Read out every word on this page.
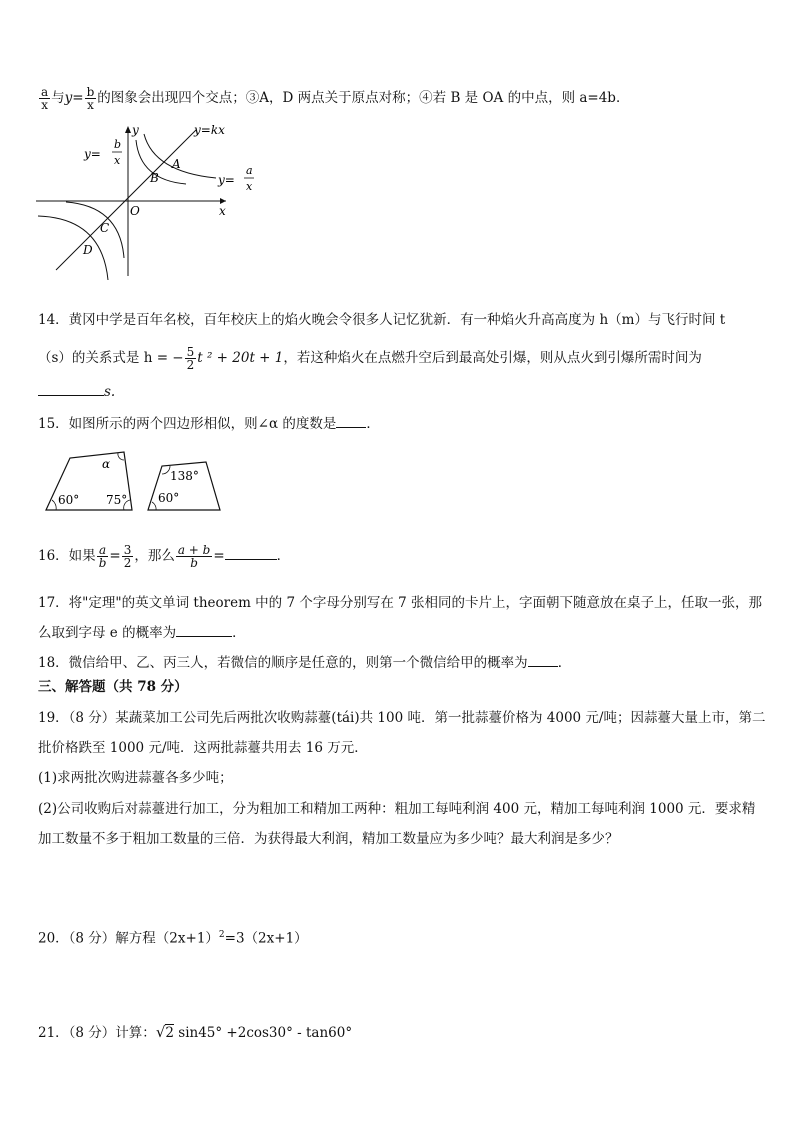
$\frac{a}{x}$ 与$y= \frac{b}{x}$ 的图象会出现四个交点；③A，D 两点关于原点对称；④若 B 是 OA 的中点，则 a=4b．
y=
b
x
y=kx
y=
a
x
y
x
O
A
B
C
D
14．黄冈中学是百年名校，百年校庆上的焰火晚会令很多人记忆犹新．有一种焰火升高高度为 h（m）与飞行时间 t
（s）的关系式是 h = − $\frac{5}{2}$ t ² + 20t + 1，若这种焰火在点燃升空后到最高处引爆，则从点火到引爆所需时间为
s.
15．如图所示的两个四边形相似，则∠α 的度数是 ．
α
60° 75°
138°
60°
16．如果 $\frac{a}{b} = \frac{3}{2}$ ，那么 $\frac{a + b}{b}$ =	．
17．将"定理"的英文单词 theorem 中的 7 个字母分别写在 7 张相同的卡片上，字面朝下随意放在桌子上，任取一张，那
么取到字母 e 的概率为	．
18．微信给甲、乙、丙三人，若微信的顺序是任意的，则第一个微信给甲的概率为 ．
三、解答题（共 78 分）
19．（8 分）某蔬菜加工公司先后两批次收购蒜薹(tái)共 100 吨．第一批蒜薹价格为 4000 元/吨；因蒜薹大量上市，第二
批价格跌至 1000 元/吨．这两批蒜薹共用去 16 万元．
(1)求两批次购进蒜薹各多少吨；
(2)公司收购后对蒜薹进行加工，分为粗加工和精加工两种：粗加工每吨利润 400 元，精加工每吨利润 1000 元．要求精
加工数量不多于粗加工数量的三倍．为获得最大利润，精加工数量应为多少吨？最大利润是多少？
20．（8 分）解方程$(2x+1)^2=3(2x+1)$
21．（8 分）计算：√2 sin45° +2cos30° - tan60°
